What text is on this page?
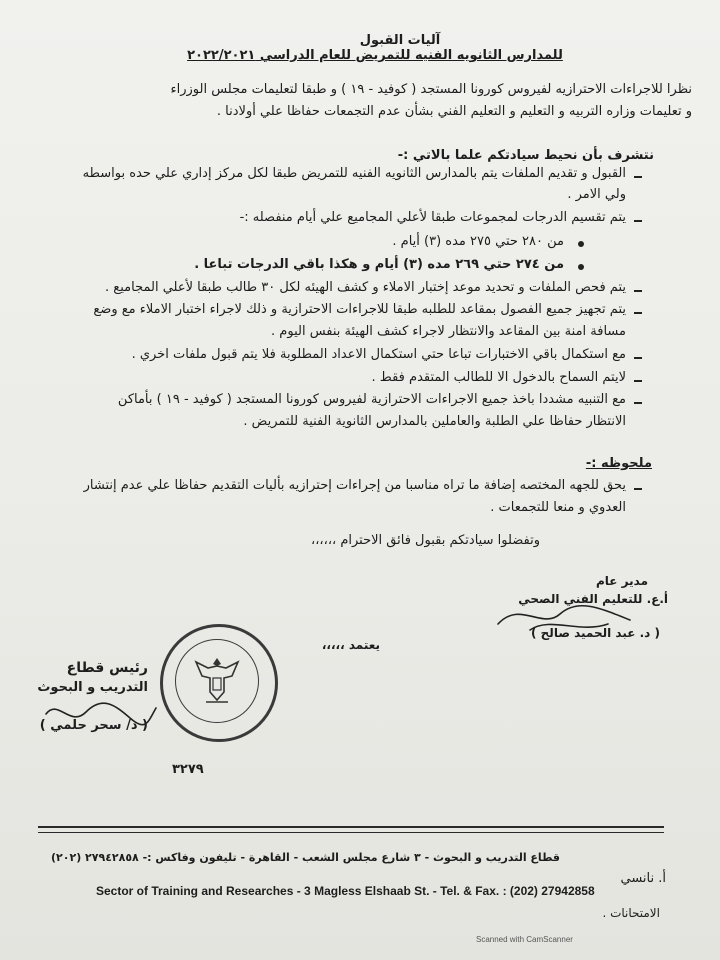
آليات القبول
للمدارس الثانويه الفنيه للتمريض للعام الدراسي ٢٠٢٢/٢٠٢١
نظرا للاجراءات الاحترازيه لفيروس كورونا المستجد ( كوفيد - ١٩ ) و طبقا لتعليمات مجلس الوزراء
و تعليمات وزاره التربيه و التعليم و التعليم الفني بشأن عدم التجمعات حفاظا علي أولادنا .
نتشرف بأن نحيط سيادتكم علما بالاتي :-
القبول و تقديم الملفات يتم بالمدارس الثانويه الفنيه للتمريض طبقا لكل مركز إداري علي حده بواسطه
ولي الامر .
يتم تقسيم الدرجات لمجموعات طبقا لأعلي المجاميع علي أيام منفصله :-
من ٢٨٠ حتي ٢٧٥ مده (٣) أيام .
من ٢٧٤ حتي ٢٦٩ مده (٣) أيام و هكذا باقي الدرجات تباعا .
يتم فحص الملفات و تحديد موعد إختبار الاملاء و كشف الهيئه لكل ٣٠ طالب طبقا لأعلي المجاميع .
يتم تجهيز جميع الفصول بمقاعد للطلبه طبقا للاجراءات الاحترازية و ذلك لاجراء اختبار الاملاء مع وضع
مسافة امنة بين المقاعد والانتظار لاجراء كشف الهيئة بنفس اليوم .
مع استكمال باقي الاختبارات تباعا حتي استكمال الاعداد المطلوبة فلا يتم قبول ملفات اخري .
لايتم السماح بالدخول الا للطالب المتقدم فقط .
مع التنبيه مشددا باخذ جميع الاجراءات الاحترازية لفيروس كورونا المستجد ( كوفيد - ١٩ ) بأماكن
الانتظار حفاظا علي الطلبة والعاملين بالمدارس الثانوية الفنية للتمريض .
ملحوظه :-
يحق للجهه المختصه إضافة ما تراه مناسبا من إجراءات إحترازيه بأليات التقديم حفاظا علي عدم إنتشار
العدوي و منعا للتجمعات .
وتفضلوا سيادتكم بقبول فائق الاحترام ،،،،،،
مدير عام
أ.ع. للتعليم الفني الصحي
( د. عبد الحميد صالح )
يعتمد ،،،،،
رئيس قطاع
التدريب و البحوث
( د/ سحر حلمي )
٣٢٧٩
قطاع التدريب و البحوث - ٣ شارع مجلس الشعب - القاهرة - تليفون وفاكس :- ٢٧٩٤٢٨٥٨ (٢٠٢)
أ. نانسي
Sector of Training and Researches - 3 Magless Elshaab St. - Tel. & Fax. : (202) 27942858
الامتحانات .
Scanned with CamScanner
